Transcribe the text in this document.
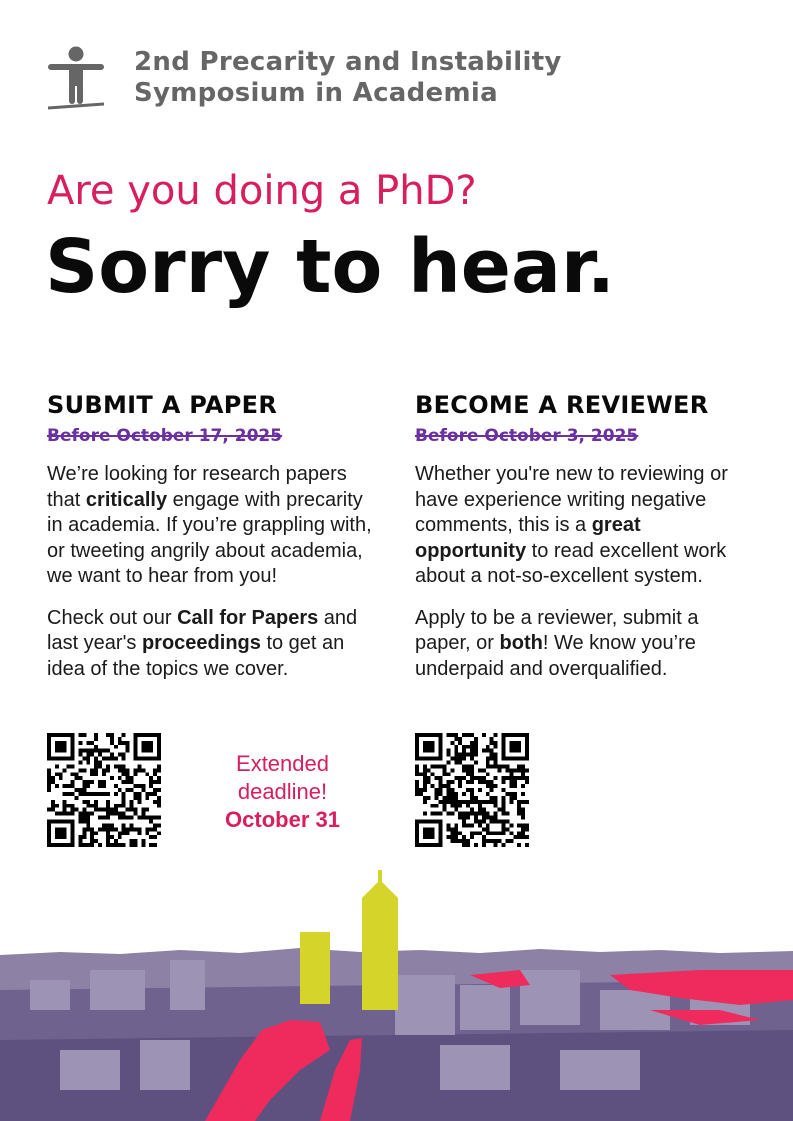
2nd Precarity and Instability
Symposium in Academia
Are you doing a PhD?
Sorry to hear.
SUBMIT A PAPER
Before October 17, 2025
We’re looking for research papers that critically engage with precarity in academia. If you’re grappling with, or tweeting angrily about academia, we want to hear from you!
Check out our Call for Papers and last year's proceedings to get an idea of the topics we cover.
BECOME A REVIEWER
Before October 3, 2025
Whether you're new to reviewing or have experience writing negative comments, this is a great opportunity to read excellent work about a not-so-excellent system.
Apply to be a reviewer, submit a paper, or both! We know you’re underpaid and overqualified.
Extended
deadline!
October 31
